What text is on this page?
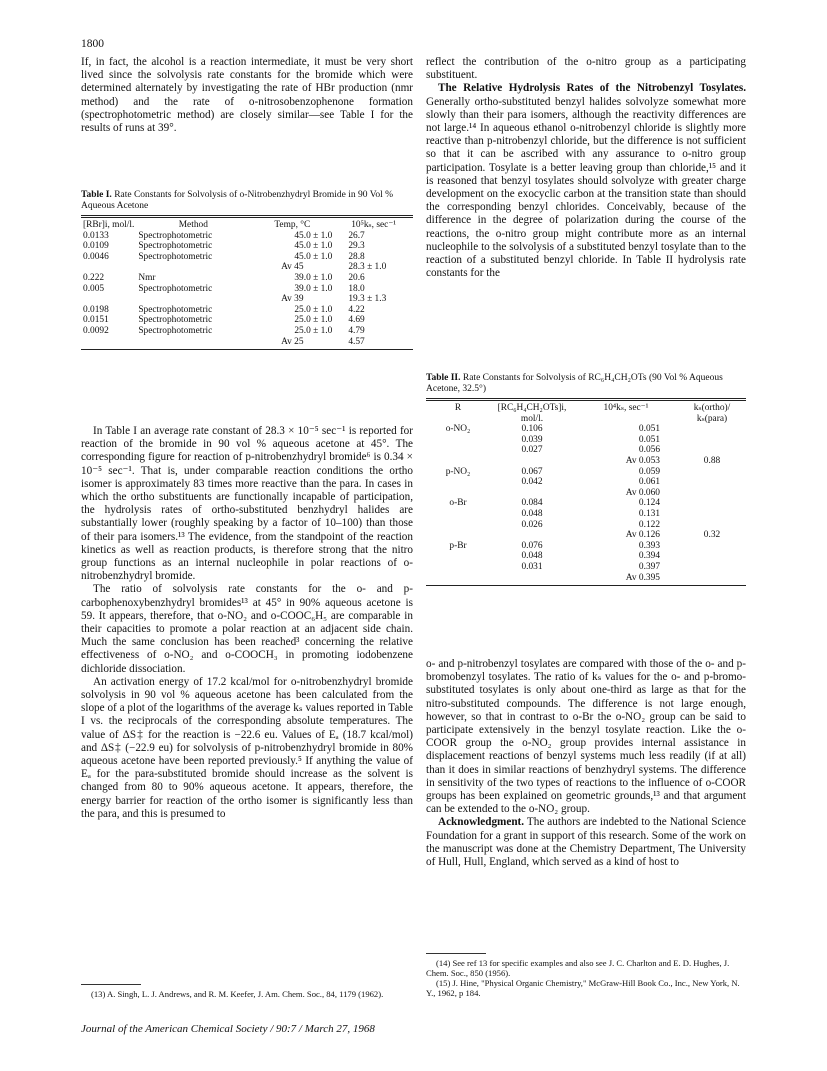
1800

If, in fact, the alcohol is a reaction intermediate, it must be very short lived since the solvolysis rate constants for the bromide which were determined alternately by investigating the rate of HBr production (nmr method) and the rate of o-nitrosobenzophenone formation (spectrophotometric method) are closely similar—see Table I for the results of runs at 39°.

Table I. Rate Constants for Solvolysis of o-Nitrobenzhydryl Bromide in 90 Vol % Aqueous Acetone
[RBr]i, mol/l.	Method	Temp, °C	10⁵kₛ, sec⁻¹
0.0133	Spectrophotometric	45.0 ± 1.0	26.7
0.0109	Spectrophotometric	45.0 ± 1.0	29.3
0.0046	Spectrophotometric	45.0 ± 1.0	28.8
		Av 45	28.3 ± 1.0
0.222	Nmr	39.0 ± 1.0	20.6
0.005	Spectrophotometric	39.0 ± 1.0	18.0
		Av 39	19.3 ± 1.3
0.0198	Spectrophotometric	25.0 ± 1.0	4.22
0.0151	Spectrophotometric	25.0 ± 1.0	4.69
0.0092	Spectrophotometric	25.0 ± 1.0	4.79
		Av 25	4.57

In Table I an average rate constant of 28.3 × 10⁻⁵ sec⁻¹ is reported for reaction of the bromide in 90 vol % aqueous acetone at 45°. The corresponding figure for reaction of p-nitrobenzhydryl bromide⁶ is 0.34 × 10⁻⁵ sec⁻¹. That is, under comparable reaction conditions the ortho isomer is approximately 83 times more reactive than the para. In cases in which the ortho substituents are functionally incapable of participation, the hydrolysis rates of ortho-substituted benzhydryl halides are substantially lower (roughly speaking by a factor of 10–100) than those of their para isomers.¹³ The evidence, from the standpoint of the reaction kinetics as well as reaction products, is therefore strong that the nitro group functions as an internal nucleophile in polar reactions of o-nitrobenzhydryl bromide.

The ratio of solvolysis rate constants for the o- and p-carbophenoxybenzhydryl bromides¹³ at 45° in 90% aqueous acetone is 59. It appears, therefore, that o-NO₂ and o-COOC₆H₅ are comparable in their capacities to promote a polar reaction at an adjacent side chain. Much the same conclusion has been reached³ concerning the relative effectiveness of o-NO₂ and o-COOCH₃ in promoting iodobenzene dichloride dissociation.

An activation energy of 17.2 kcal/mol for o-nitrobenzhydryl bromide solvolysis in 90 vol % aqueous acetone has been calculated from the slope of a plot of the logarithms of the average kₛ values reported in Table I vs. the reciprocals of the corresponding absolute temperatures. The value of ΔS‡ for the reaction is −22.6 eu. Values of Eₐ (18.7 kcal/mol) and ΔS‡ (−22.9 eu) for solvolysis of p-nitrobenzhydryl bromide in 80% aqueous acetone have been reported previously.⁵ If anything the value of Eₐ for the para-substituted bromide should increase as the solvent is changed from 80 to 90% aqueous acetone. It appears, therefore, the energy barrier for reaction of the ortho isomer is significantly less than the para, and this is presumed to

(13) A. Singh, L. J. Andrews, and R. M. Keefer, J. Am. Chem. Soc., 84, 1179 (1962).

reflect the contribution of the o-nitro group as a participating substituent.

The Relative Hydrolysis Rates of the Nitrobenzyl Tosylates. Generally ortho-substituted benzyl halides solvolyze somewhat more slowly than their para isomers, although the reactivity differences are not large.¹⁴ In aqueous ethanol o-nitrobenzyl chloride is slightly more reactive than p-nitrobenzyl chloride, but the difference is not sufficient so that it can be ascribed with any assurance to o-nitro group participation. Tosylate is a better leaving group than chloride,¹⁵ and it is reasoned that benzyl tosylates should solvolyze with greater charge development on the exocyclic carbon at the transition state than should the corresponding benzyl chlorides. Conceivably, because of the difference in the degree of polarization during the course of the reactions, the o-nitro group might contribute more as an internal nucleophile to the solvolysis of a substituted benzyl tosylate than to the reaction of a substituted benzyl chloride. In Table II hydrolysis rate constants for the

Table II. Rate Constants for Solvolysis of RC₆H₄CH₂OTs (90 Vol % Aqueous Acetone, 32.5°)
R	[RC₆H₄CH₂OTs]i, mol/l.	10⁴kₛ, sec⁻¹	kₛ(ortho)/ kₛ(para)
o-NO₂	0.106	0.051	
	0.039	0.051	
	0.027	0.056	
		Av 0.053	0.88
p-NO₂	0.067	0.059	
	0.042	0.061	
		Av 0.060	
o-Br	0.084	0.124	
	0.048	0.131	
	0.026	0.122	
		Av 0.126	0.32
p-Br	0.076	0.393	
	0.048	0.394	
	0.031	0.397	
		Av 0.395	

o- and p-nitrobenzyl tosylates are compared with those of the o- and p-bromobenzyl tosylates. The ratio of kₛ values for the o- and p-bromo-substituted tosylates is only about one-third as large as that for the nitro-substituted compounds. The difference is not large enough, however, so that in contrast to o-Br the o-NO₂ group can be said to participate extensively in the benzyl tosylate reaction. Like the o-COOR group the o-NO₂ group provides internal assistance in displacement reactions of benzyl systems much less readily (if at all) than it does in similar reactions of benzhydryl systems. The difference in sensitivity of the two types of reactions to the influence of o-COOR groups has been explained on geometric grounds,¹³ and that argument can be extended to the o-NO₂ group.

Acknowledgment. The authors are indebted to the National Science Foundation for a grant in support of this research. Some of the work on the manuscript was done at the Chemistry Department, The University of Hull, Hull, England, which served as a kind of host to

(14) See ref 13 for specific examples and also see J. C. Charlton and E. D. Hughes, J. Chem. Soc., 850 (1956).
(15) J. Hine, "Physical Organic Chemistry," McGraw-Hill Book Co., Inc., New York, N. Y., 1962, p 184.
Journal of the American Chemical Society / 90:7 / March 27, 1968
